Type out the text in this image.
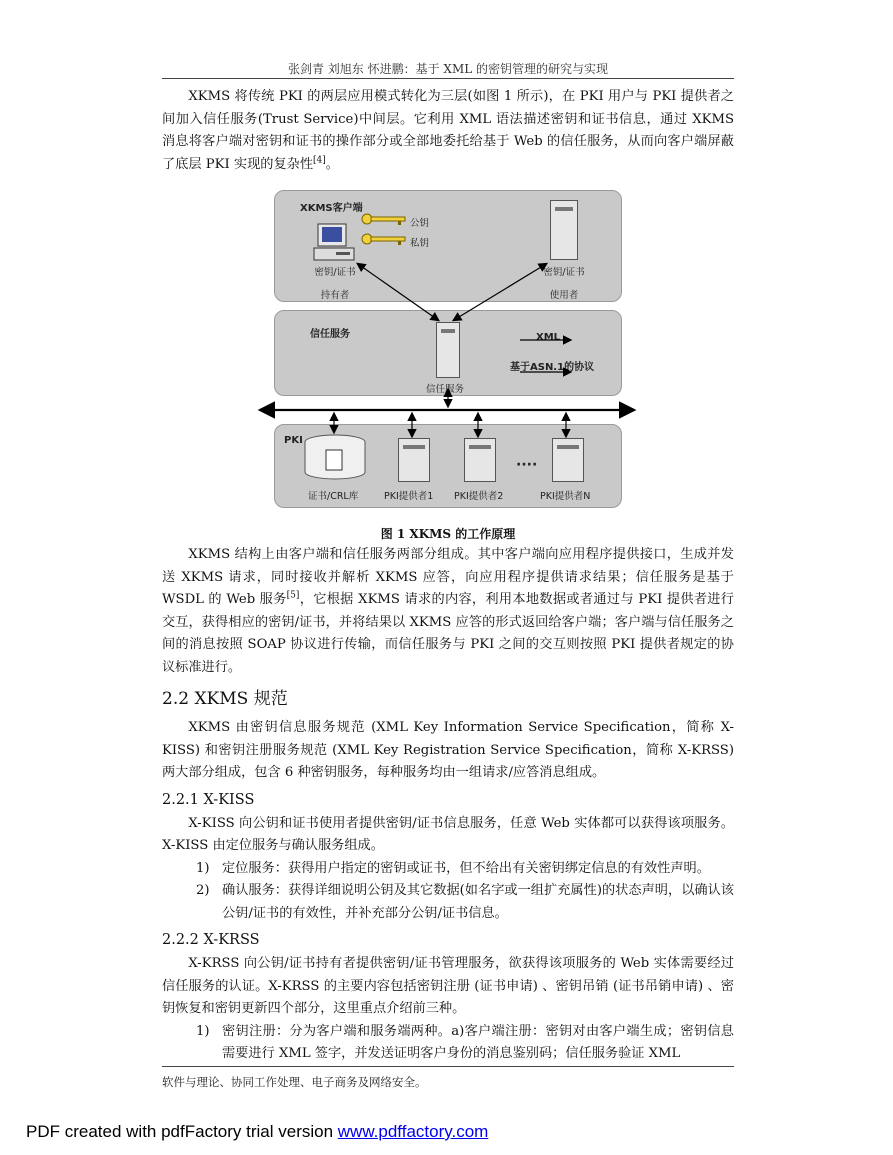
张剑青 刘旭东 怀进鹏：基于 XML 的密钥管理的研究与实现

XKMS 将传统 PKI 的两层应用模式转化为三层(如图 1 所示)，在 PKI 用户与 PKI 提供者之间加入信任服务(Trust Service)中间层。它利用 XML 语法描述密钥和证书信息，通过 XKMS 消息将客户端对密钥和证书的操作部分或全部地委托给基于 Web 的信任服务，从而向客户端屏蔽了底层 PKI 实现的复杂性[4]。

XKMS客户端
公钥
私钥
密钥/证书
持有者
密钥/证书
使用者
信任服务
信任服务
XML
基于ASN.1的协议
PKI
证书/CRL库	PKI提供者1 PKI提供者2
····
PKI提供者N

图 1 XKMS 的工作原理

XKMS 结构上由客户端和信任服务两部分组成。其中客户端向应用程序提供接口，生成并发送 XKMS 请求，同时接收并解析 XKMS 应答，向应用程序提供请求结果；信任服务是基于 WSDL 的 Web 服务[5]，它根据 XKMS 请求的内容，利用本地数据或者通过与 PKI 提供者进行交互，获得相应的密钥/证书，并将结果以 XKMS 应答的形式返回给客户端；客户端与信任服务之间的消息按照 SOAP 协议进行传输，而信任服务与 PKI 之间的交互则按照 PKI 提供者规定的协议标准进行。

2.2 XKMS 规范

XKMS 由密钥信息服务规范 (XML Key Information Service Specification，简称 X-KISS) 和密钥注册服务规范 (XML Key Registration Service Specification，简称 X-KRSS) 两大部分组成，包含 6 种密钥服务，每种服务均由一组请求/应答消息组成。

2.2.1 X-KISS

X-KISS 向公钥和证书使用者提供密钥/证书信息服务，任意 Web 实体都可以获得该项服务。X-KISS 由定位服务与确认服务组成。

1) 定位服务：获得用户指定的密钥或证书，但不给出有关密钥绑定信息的有效性声明。
2) 确认服务：获得详细说明公钥及其它数据(如名字或一组扩充属性)的状态声明，以确认该公钥/证书的有效性，并补充部分公钥/证书信息。
2.2.2 X-KRSS

X-KRSS 向公钥/证书持有者提供密钥/证书管理服务，欲获得该项服务的 Web 实体需要经过信任服务的认证。X-KRSS 的主要内容包括密钥注册 (证书申请) 、密钥吊销 (证书吊销申请) 、密钥恢复和密钥更新四个部分，这里重点介绍前三种。

1) 密钥注册：分为客户端和服务端两种。a)客户端注册：密钥对由客户端生成；密钥信息需要进行 XML 签字，并发送证明客户身份的消息鉴别码；信任服务验证 XML
软件与理论、协同工作处理、电子商务及网络安全。
PDF created with pdfFactory trial version www.pdffactory.com
